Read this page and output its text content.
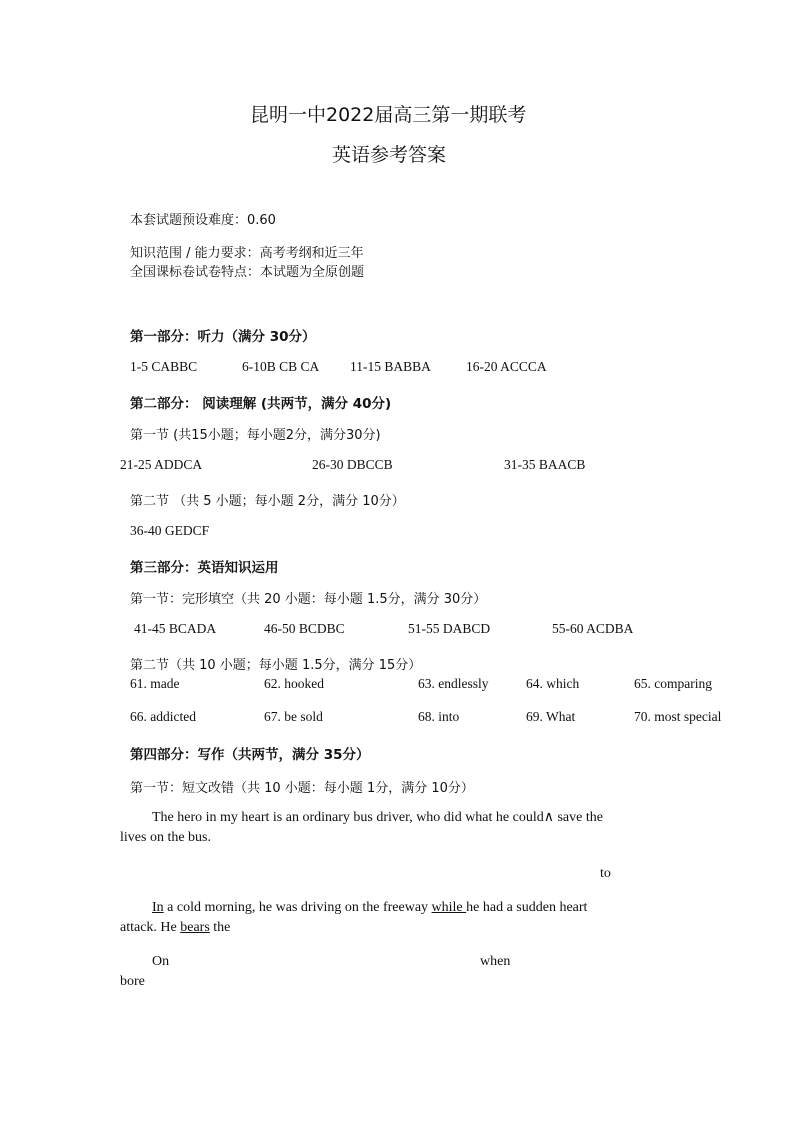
昆明一中2022届高三第一期联考
英语参考答案
本套试题预设难度：0.60
知识范围 / 能力要求：高考考纲和近三年
全国课标卷试卷特点：本试题为全原创题
第一部分：听力（满分 30分）
1-5 CABBC	6-10B CB CA 11-15 BABBA	16-20 ACCCA
第二部分： 阅读理解 (共两节，满分 40分)
第一节 (共15小题；每小题2分，满分30分)
21-25 ADDCA	26-30 DBCCB	31-35 BAACB
第二节 （共 5 小题；每小题 2分，满分 10分）
36-40 GEDCF
第三部分：英语知识运用
第一节：完形填空（共 20 小题：每小题 1.5分，满分 30分）
41-45 BCADA	46-50 BCDBC	51-55 DABCD	55-60 ACDBA
第二节（共 10 小题；每小题 1.5分，满分 15分）
61. made	62. hooked	63. endlessly	64. which	65. comparing
66. addicted	67. be sold	68. into	69. What	70. most special
第四部分：写作（共两节，满分 35分）
第一节：短文改错（共 10 小题：每小题 1分，满分 10分）
The hero in my heart is an ordinary bus driver, who did what he could∧ save the
lives on the bus.
to
In a cold morning, he was driving on the freeway while he had a sudden heart
attack. He bears the
On	when
bore
